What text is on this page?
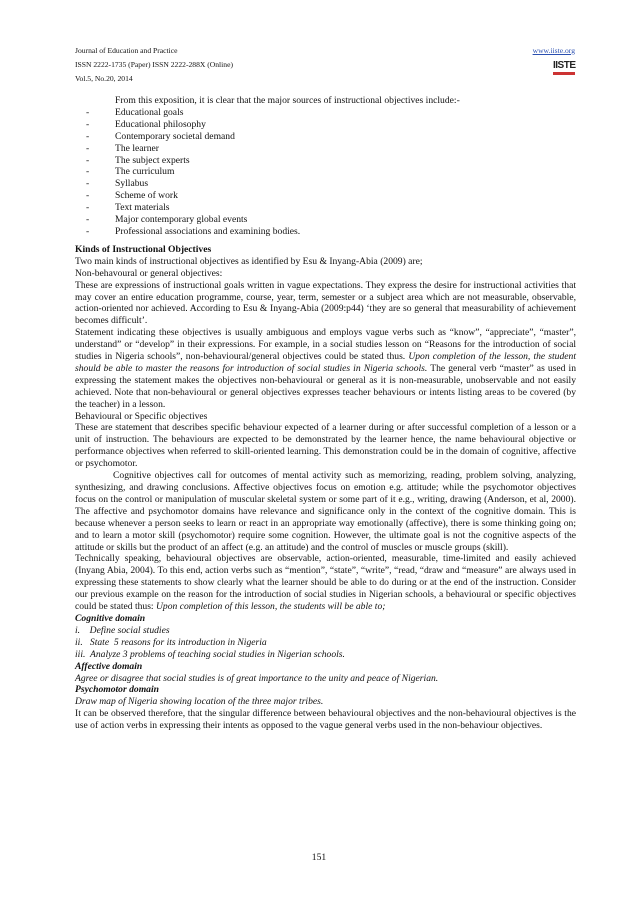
Journal of Education and Practice
ISSN 2222-1735 (Paper) ISSN 2222-288X (Online)
Vol.5, No.20, 2014
www.iiste.org
IISTE

From this exposition, it is clear that the major sources of instructional objectives include:-

-	Educational goals
-	Educational philosophy
-	Contemporary societal demand
-	The learner
-	The subject experts
-	The curriculum
-	Syllabus
-	Scheme of work
-	Text materials
-	Major contemporary global events
-	Professional associations and examining bodies.

Kinds of Instructional Objectives

Two main kinds of instructional objectives as identified by Esu & Inyang-Abia (2009) are;

Non-behavoural or general objectives:

These are expressions of instructional goals written in vague expectations. They express the desire for instructional activities that may cover an entire education programme, course, year, term, semester or a subject area which are not measurable, observable, action-oriented nor achieved. According to Esu & Inyang-Abia (2009:p44) ‘they are so general that measurability of achievement becomes difficult’.

Statement indicating these objectives is usually ambiguous and employs vague verbs such as “know”, “appreciate”, “master”, understand” or “develop” in their expressions. For example, in a social studies lesson on “Reasons for the introduction of social studies in Nigeria schools”, non-behavioural/general objectives could be stated thus. Upon completion of the lesson, the student should be able to master the reasons for introduction of social studies in Nigeria schools. The general verb “master” as used in expressing the statement makes the objectives non-behavioural or general as it is non-measurable, unobservable and not easily achieved. Note that non-behavioural or general objectives expresses teacher behaviours or intents listing areas to be covered (by the teacher) in a lesson.

Behavioural or Specific objectives

These are statement that describes specific behaviour expected of a learner during or after successful completion of a lesson or a unit of instruction. The behaviours are expected to be demonstrated by the learner hence, the name behavioural objective or performance objectives when referred to skill-oriented learning. This demonstration could be in the domain of cognitive, affective or psychomotor.

Cognitive objectives call for outcomes of mental activity such as memorizing, reading, problem solving, analyzing, synthesizing, and drawing conclusions. Affective objectives focus on emotion e.g. attitude; while the psychomotor objectives focus on the control or manipulation of muscular skeletal system or some part of it e.g., writing, drawing (Anderson, et al, 2000). The affective and psychomotor domains have relevance and significance only in the context of the cognitive domain. This is because whenever a person seeks to learn or react in an appropriate way emotionally (affective), there is some thinking going on; and to learn a motor skill (psychomotor) require some cognition. However, the ultimate goal is not the cognitive aspects of the attitude or skills but the product of an affect (e.g. an attitude) and the control of muscles or muscle groups (skill).

Technically speaking, behavioural objectives are observable, action-oriented, measurable, time-limited and easily achieved (Inyang Abia, 2004). To this end, action verbs such as “mention”, “state”, “write”, “read, “draw and “measure” are always used in expressing these statements to show clearly what the learner should be able to do during or at the end of the instruction. Consider our previous example on the reason for the introduction of social studies in Nigerian schools, a behavioural or specific objectives could be stated thus: Upon completion of this lesson, the students will be able to;

Cognitive domain

i.    Define social studies
ii.   State  5 reasons for its introduction in Nigeria
iii.  Analyze 3 problems of teaching social studies in Nigerian schools.

Affective domain

Agree or disagree that social studies is of great importance to the unity and peace of Nigerian.

Psychomotor domain

Draw map of Nigeria showing location of the three major tribes.

It can be observed therefore, that the singular difference between behavioural objectives and the non-behavioural objectives is the use of action verbs in expressing their intents as opposed to the vague general verbs used in the non-behaviour objectives.

151
